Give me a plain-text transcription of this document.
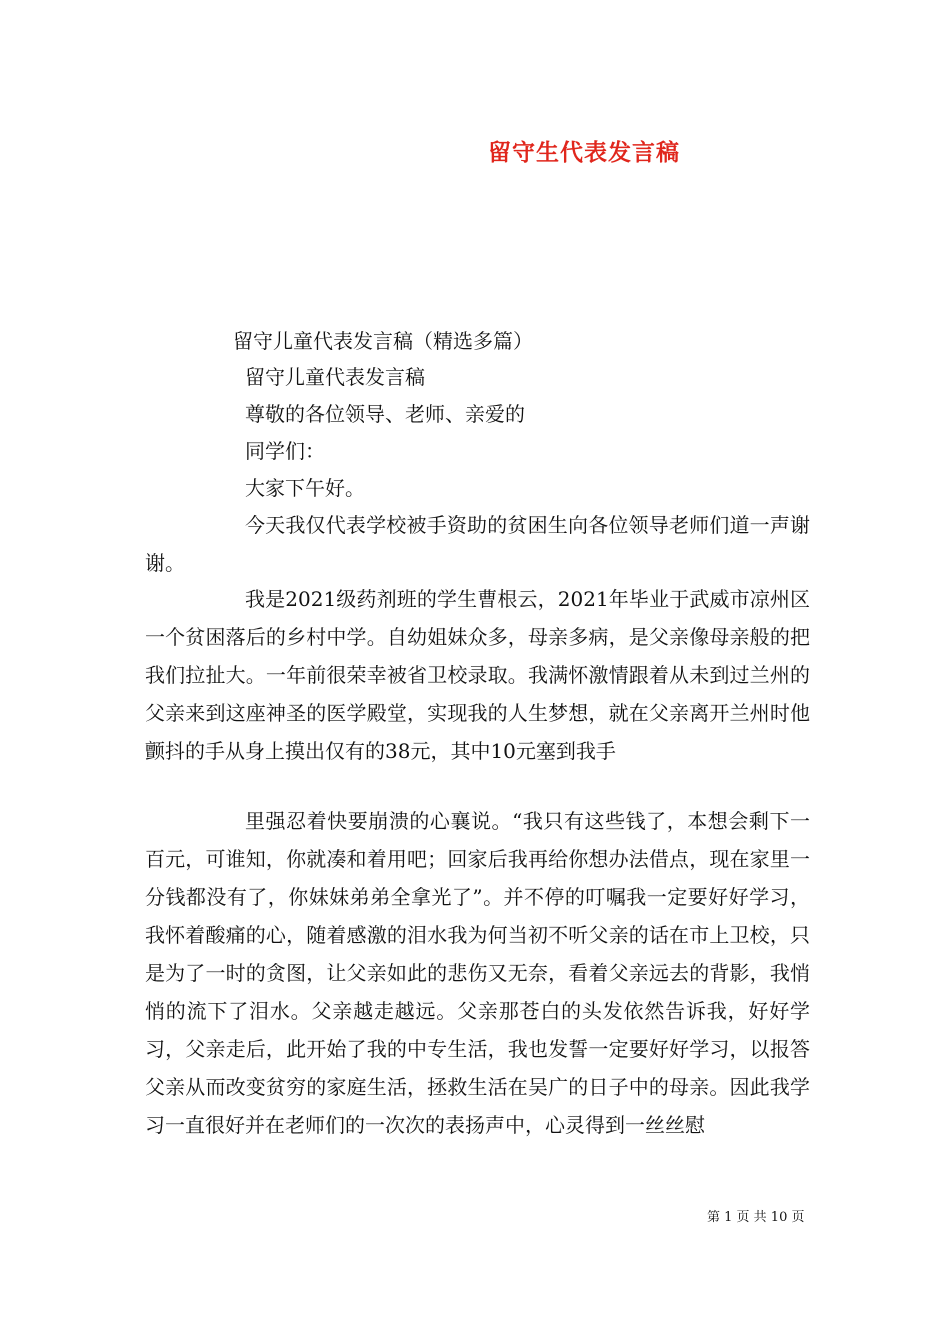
留守生代表发言稿
留守儿童代表发言稿（精选多篇）
留守儿童代表发言稿
尊敬的各位领导、老师、亲爱的
同学们：
大家下午好。
今天我仅代表学校被手资助的贫困生向各位领导老师们道一声谢谢。
我是2021级药剂班的学生曹根云，2021年毕业于武威市凉州区一个贫困落后的乡村中学。自幼姐妹众多，母亲多病，是父亲像母亲般的把我们拉扯大。一年前很荣幸被省卫校录取。我满怀激情跟着从未到过兰州的父亲来到这座神圣的医学殿堂，实现我的人生梦想，就在父亲离开兰州时他颤抖的手从身上摸出仅有的38元，其中10元塞到我手
里强忍着快要崩溃的心襄说。“我只有这些钱了，本想会剩下一百元，可谁知，你就凑和着用吧；回家后我再给你想办法借点，现在家里一分钱都没有了，你妹妹弟弟全拿光了”。并不停的叮嘱我一定要好好学习，我怀着酸痛的心，随着感激的泪水我为何当初不听父亲的话在市上卫校，只是为了一时的贪图，让父亲如此的悲伤又无奈，看着父亲远去的背影，我悄悄的流下了泪水。父亲越走越远。父亲那苍白的头发依然告诉我，好好学习，父亲走后，此开始了我的中专生活，我也发誓一定要好好学习，以报答父亲从而改变贫穷的家庭生活，拯救生活在吴广的日子中的母亲。因此我学习一直很好并在老师们的一次次的表扬声中，心灵得到一丝丝慰
第 1 页 共 10 页
